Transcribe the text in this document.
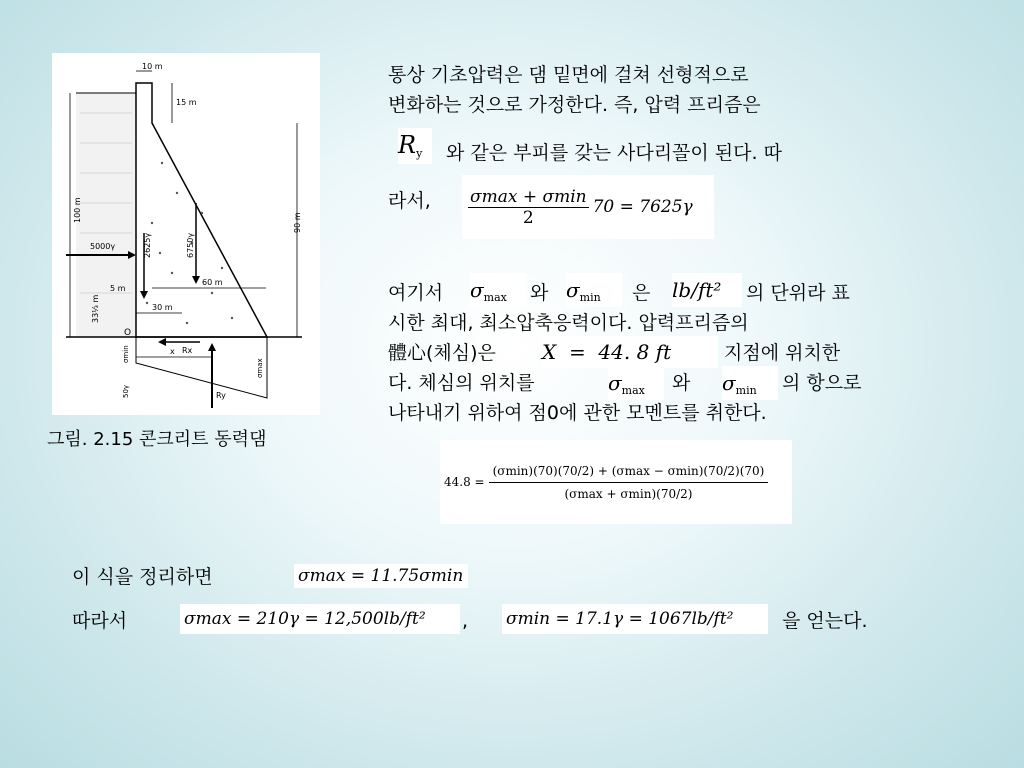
10 m
15 m
90 m
100 m
33⅓ m
5 m
5000γ	2625γ	6750γ
60 m
30 m
O
Rx
x
σmin
σmax
50γ	Ry
그림. 2.15 콘크리트 동력댐
통상 기초압력은 댐 밑면에 걸쳐 선형적으로
변화하는 것으로 가정한다. 즉, 압력 프리즘은
$R_y$	와 같은 부피를 갖는 사다리꼴이 된다. 따
라서, $\frac{\sigma\max + \sigma\min}{2} 70 = 7625\gamma$
여기서 $\sigma_{max}$	와 $\sigma_{min}$	은 lb/ft²	의 단위라 표
시한 최대, 최소압축응력이다. 압력프리즘의
體心(체심)은 X  =  44. 8 ft	지점에 위치한
다. 체심의 위치를	$\sigma_{max}$	와 $\sigma_{min}$	의 항으로
나타내기 위하여 점0에 관한 모멘트를 취한다.
$44.8 = \frac{(\sigma\min)(70)(70/2) + (\sigma\max - \sigma\min)(70/2)(70)}{(\sigma\max + \sigma\min)(70/2)}$
이 식을 정리하면	σmax = 11.75σmin
따라서	σmax = 210γ = 12,500lb/ft²	, σmin = 17.1γ = 1067lb/ft²	을 얻는다.
